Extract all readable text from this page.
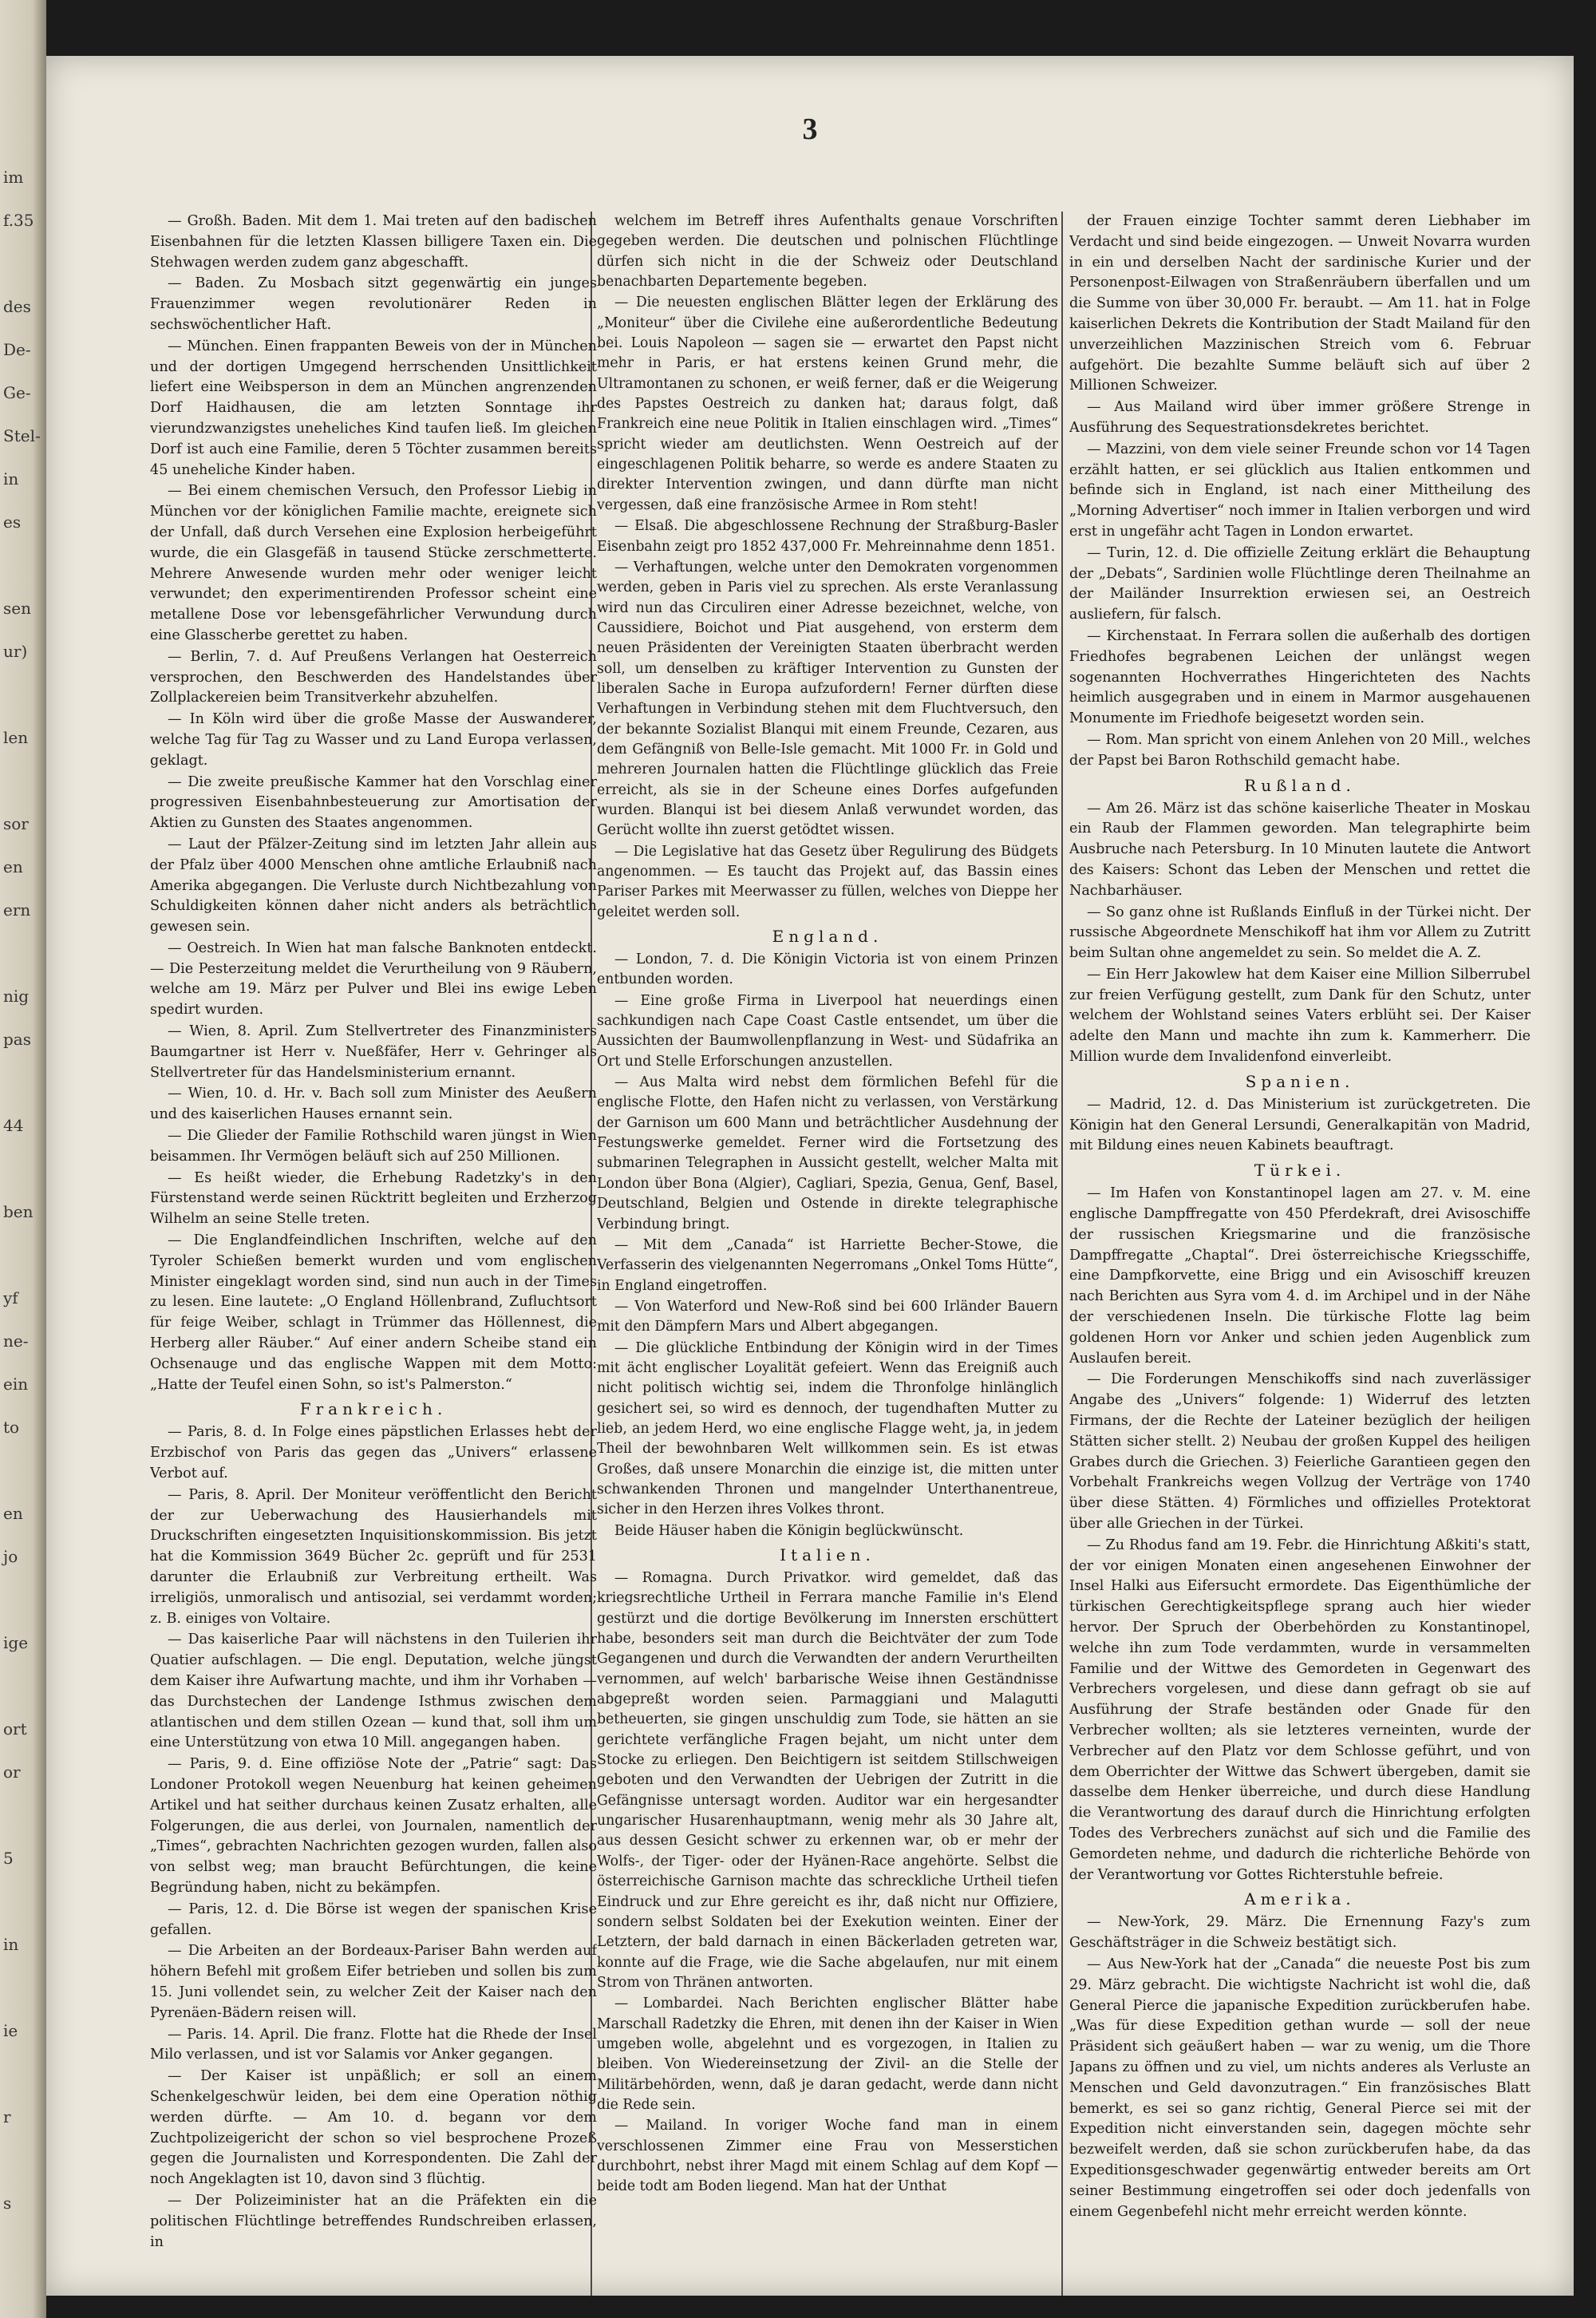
im
f.35
des
De-
Ge-
Stel-
in
es
sen
ur)
len
sor
en
ern
nig
pas
44
ben
yf
ne-
ein
to
en
jo
ige
ort
or
5
in
ie
r
s
3
— Großh. Baden. Mit dem 1. Mai treten auf den badischen Eisenbahnen für die letzten Klassen billigere Taxen ein. Die Stehwagen werden zudem ganz abgeschafft.
— Baden. Zu Mosbach sitzt gegenwärtig ein junges Frauenzimmer wegen revolutionärer Reden in sechswöchentlicher Haft.
— München. Einen frappanten Beweis von der in München und der dortigen Umgegend herrschenden Unsittlichkeit liefert eine Weibsperson in dem an München angrenzenden Dorf Haidhausen, die am letzten Sonntage ihr vierundzwanzigstes uneheliches Kind taufen ließ. Im gleichen Dorf ist auch eine Familie, deren 5 Töchter zusammen bereits 45 uneheliche Kinder haben.
— Bei einem chemischen Versuch, den Professor Liebig in München vor der königlichen Familie machte, ereignete sich der Unfall, daß durch Versehen eine Explosion herbeigeführt wurde, die ein Glasgefäß in tausend Stücke zerschmetterte. Mehrere Anwesende wurden mehr oder weniger leicht verwundet; den experimentirenden Professor scheint eine metallene Dose vor lebensgefährlicher Verwundung durch eine Glasscherbe gerettet zu haben.
— Berlin, 7. d. Auf Preußens Verlangen hat Oesterreich versprochen, den Beschwerden des Handelstandes über Zollplackereien beim Transitverkehr abzuhelfen.
— In Köln wird über die große Masse der Auswanderer, welche Tag für Tag zu Wasser und zu Land Europa verlassen, geklagt.
— Die zweite preußische Kammer hat den Vorschlag einer progressiven Eisenbahnbesteuerung zur Amortisation der Aktien zu Gunsten des Staates angenommen.
— Laut der Pfälzer-Zeitung sind im letzten Jahr allein aus der Pfalz über 4000 Menschen ohne amtliche Erlaubniß nach Amerika abgegangen. Die Verluste durch Nichtbezahlung von Schuldigkeiten können daher nicht anders als beträchtlich gewesen sein.
— Oestreich. In Wien hat man falsche Banknoten entdeckt. — Die Pesterzeitung meldet die Verurtheilung von 9 Räubern, welche am 19. März per Pulver und Blei ins ewige Leben spedirt wurden.
— Wien, 8. April. Zum Stellvertreter des Finanzministers Baumgartner ist Herr v. Nueßfäfer, Herr v. Gehringer als Stellvertreter für das Handelsministerium ernannt.
— Wien, 10. d. Hr. v. Bach soll zum Minister des Aeußern und des kaiserlichen Hauses ernannt sein.
— Die Glieder der Familie Rothschild waren jüngst in Wien beisammen. Ihr Vermögen beläuft sich auf 250 Millionen.
— Es heißt wieder, die Erhebung Radetzky's in den Fürstenstand werde seinen Rücktritt begleiten und Erzherzog Wilhelm an seine Stelle treten.
— Die Englandfeindlichen Inschriften, welche auf den Tyroler Schießen bemerkt wurden und vom englischen Minister eingeklagt worden sind, sind nun auch in der Times zu lesen. Eine lautete: „O England Höllenbrand, Zufluchtsort für feige Weiber, schlagt in Trümmer das Höllennest, die Herberg aller Räuber.“ Auf einer andern Scheibe stand ein Ochsenauge und das englische Wappen mit dem Motto: „Hatte der Teufel einen Sohn, so ist's Palmerston.“
Frankreich.
— Paris, 8. d. In Folge eines päpstlichen Erlasses hebt der Erzbischof von Paris das gegen das „Univers“ erlassene Verbot auf.
— Paris, 8. April. Der Moniteur veröffentlicht den Bericht der zur Ueberwachung des Hausierhandels mit Druckschriften eingesetzten Inquisitionskommission. Bis jetzt hat die Kommission 3649 Bücher 2c. geprüft und für 2531 darunter die Erlaubniß zur Verbreitung ertheilt. Was irreligiös, unmoralisch und antisozial, sei verdammt worden; z. B. einiges von Voltaire.
— Das kaiserliche Paar will nächstens in den Tuilerien ihr Quatier aufschlagen. — Die engl. Deputation, welche jüngst dem Kaiser ihre Aufwartung machte, und ihm ihr Vorhaben — das Durchstechen der Landenge Isthmus zwischen dem atlantischen und dem stillen Ozean — kund that, soll ihm um eine Unterstützung von etwa 10 Mill. angegangen haben.
— Paris, 9. d. Eine offiziöse Note der „Patrie“ sagt: Das Londoner Protokoll wegen Neuenburg hat keinen geheimen Artikel und hat seither durchaus keinen Zusatz erhalten, alle Folgerungen, die aus derlei, von Journalen, namentlich der „Times“, gebrachten Nachrichten gezogen wurden, fallen also von selbst weg; man braucht Befürchtungen, die keine Begründung haben, nicht zu bekämpfen.
— Paris, 12. d. Die Börse ist wegen der spanischen Krise gefallen.
— Die Arbeiten an der Bordeaux-Pariser Bahn werden auf höhern Befehl mit großem Eifer betrieben und sollen bis zum 15. Juni vollendet sein, zu welcher Zeit der Kaiser nach den Pyrenäen-Bädern reisen will.
— Paris. 14. April. Die franz. Flotte hat die Rhede der Insel Milo verlassen, und ist vor Salamis vor Anker gegangen.
— Der Kaiser ist unpäßlich; er soll an einem Schenkelgeschwür leiden, bei dem eine Operation nöthig werden dürfte. — Am 10. d. begann vor dem Zuchtpolizeigericht der schon so viel besprochene Prozeß gegen die Journalisten und Korrespondenten. Die Zahl der noch Angeklagten ist 10, davon sind 3 flüchtig.
— Der Polizeiminister hat an die Präfekten ein die politischen Flüchtlinge betreffendes Rundschreiben erlassen, in
welchem im Betreff ihres Aufenthalts genaue Vorschriften gegeben werden. Die deutschen und polnischen Flüchtlinge dürfen sich nicht in die der Schweiz oder Deutschland benachbarten Departemente begeben.
— Die neuesten englischen Blätter legen der Erklärung des „Moniteur“ über die Civilehe eine außerordentliche Bedeutung bei. Louis Napoleon — sagen sie — erwartet den Papst nicht mehr in Paris, er hat erstens keinen Grund mehr, die Ultramontanen zu schonen, er weiß ferner, daß er die Weigerung des Papstes Oestreich zu danken hat; daraus folgt, daß Frankreich eine neue Politik in Italien einschlagen wird. „Times“ spricht wieder am deutlichsten. Wenn Oestreich auf der eingeschlagenen Politik beharre, so werde es andere Staaten zu direkter Intervention zwingen, und dann dürfte man nicht vergessen, daß eine französische Armee in Rom steht!
— Elsaß. Die abgeschlossene Rechnung der Straßburg-Basler Eisenbahn zeigt pro 1852 437,000 Fr. Mehreinnahme denn 1851.
— Verhaftungen, welche unter den Demokraten vorgenommen werden, geben in Paris viel zu sprechen. Als erste Veranlassung wird nun das Circuliren einer Adresse bezeichnet, welche, von Caussidiere, Boichot und Piat ausgehend, von ersterm dem neuen Präsidenten der Vereinigten Staaten überbracht werden soll, um denselben zu kräftiger Intervention zu Gunsten der liberalen Sache in Europa aufzufordern! Ferner dürften diese Verhaftungen in Verbindung stehen mit dem Fluchtversuch, den der bekannte Sozialist Blanqui mit einem Freunde, Cezaren, aus dem Gefängniß von Belle-Isle gemacht. Mit 1000 Fr. in Gold und mehreren Journalen hatten die Flüchtlinge glücklich das Freie erreicht, als sie in der Scheune eines Dorfes aufgefunden wurden. Blanqui ist bei diesem Anlaß verwundet worden, das Gerücht wollte ihn zuerst getödtet wissen.
— Die Legislative hat das Gesetz über Regulirung des Büdgets angenommen. — Es taucht das Projekt auf, das Bassin eines Pariser Parkes mit Meerwasser zu füllen, welches von Dieppe her geleitet werden soll.
England.
— London, 7. d. Die Königin Victoria ist von einem Prinzen entbunden worden.
— Eine große Firma in Liverpool hat neuerdings einen sachkundigen nach Cape Coast Castle entsendet, um über die Aussichten der Baumwollenpflanzung in West- und Südafrika an Ort und Stelle Erforschungen anzustellen.
— Aus Malta wird nebst dem förmlichen Befehl für die englische Flotte, den Hafen nicht zu verlassen, von Verstärkung der Garnison um 600 Mann und beträchtlicher Ausdehnung der Festungswerke gemeldet. Ferner wird die Fortsetzung des submarinen Telegraphen in Aussicht gestellt, welcher Malta mit London über Bona (Algier), Cagliari, Spezia, Genua, Genf, Basel, Deutschland, Belgien und Ostende in direkte telegraphische Verbindung bringt.
— Mit dem „Canada“ ist Harriette Becher-Stowe, die Verfasserin des vielgenannten Negerromans „Onkel Toms Hütte“, in England eingetroffen.
— Von Waterford und New-Roß sind bei 600 Irländer Bauern mit den Dämpfern Mars und Albert abgegangen.
— Die glückliche Entbindung der Königin wird in der Times mit ächt englischer Loyalität gefeiert. Wenn das Ereigniß auch nicht politisch wichtig sei, indem die Thronfolge hinlänglich gesichert sei, so wird es dennoch, der tugendhaften Mutter zu lieb, an jedem Herd, wo eine englische Flagge weht, ja, in jedem Theil der bewohnbaren Welt willkommen sein. Es ist etwas Großes, daß unsere Monarchin die einzige ist, die mitten unter schwankenden Thronen und mangelnder Unterthanentreue, sicher in den Herzen ihres Volkes thront.
Beide Häuser haben die Königin beglückwünscht.
Italien.
— Romagna. Durch Privatkor. wird gemeldet, daß das kriegsrechtliche Urtheil in Ferrara manche Familie in's Elend gestürzt und die dortige Bevölkerung im Innersten erschüttert habe, besonders seit man durch die Beichtväter der zum Tode Gegangenen und durch die Verwandten der andern Verurtheilten vernommen, auf welch' barbarische Weise ihnen Geständnisse abgepreßt worden seien. Parmaggiani und Malagutti betheuerten, sie gingen unschuldig zum Tode, sie hätten an sie gerichtete verfängliche Fragen bejaht, um nicht unter dem Stocke zu erliegen. Den Beichtigern ist seitdem Stillschweigen geboten und den Verwandten der Uebrigen der Zutritt in die Gefängnisse untersagt worden. Auditor war ein hergesandter ungarischer Husarenhauptmann, wenig mehr als 30 Jahre alt, aus dessen Gesicht schwer zu erkennen war, ob er mehr der Wolfs-, der Tiger- oder der Hyänen-Race angehörte. Selbst die österreichische Garnison machte das schreckliche Urtheil tiefen Eindruck und zur Ehre gereicht es ihr, daß nicht nur Offiziere, sondern selbst Soldaten bei der Exekution weinten. Einer der Letztern, der bald darnach in einen Bäckerladen getreten war, konnte auf die Frage, wie die Sache abgelaufen, nur mit einem Strom von Thränen antworten.
— Lombardei. Nach Berichten englischer Blätter habe Marschall Radetzky die Ehren, mit denen ihn der Kaiser in Wien umgeben wolle, abgelehnt und es vorgezogen, in Italien zu bleiben. Von Wiedereinsetzung der Zivil- an die Stelle der Militärbehörden, wenn, daß je daran gedacht, werde dann nicht die Rede sein.
— Mailand. In voriger Woche fand man in einem verschlossenen Zimmer eine Frau von Messerstichen durchbohrt, nebst ihrer Magd mit einem Schlag auf dem Kopf — beide todt am Boden liegend. Man hat der Unthat
der Frauen einzige Tochter sammt deren Liebhaber im Verdacht und sind beide eingezogen. — Unweit Novarra wurden in ein und derselben Nacht der sardinische Kurier und der Personenpost-Eilwagen von Straßenräubern überfallen und um die Summe von über 30,000 Fr. beraubt. — Am 11. hat in Folge kaiserlichen Dekrets die Kontribution der Stadt Mailand für den unverzeihlichen Mazzinischen Streich vom 6. Februar aufgehört. Die bezahlte Summe beläuft sich auf über 2 Millionen Schweizer.
— Aus Mailand wird über immer größere Strenge in Ausführung des Sequestrationsdekretes berichtet.
— Mazzini, von dem viele seiner Freunde schon vor 14 Tagen erzählt hatten, er sei glücklich aus Italien entkommen und befinde sich in England, ist nach einer Mittheilung des „Morning Advertiser“ noch immer in Italien verborgen und wird erst in ungefähr acht Tagen in London erwartet.
— Turin, 12. d. Die offizielle Zeitung erklärt die Behauptung der „Debats“, Sardinien wolle Flüchtlinge deren Theilnahme an der Mailänder Insurrektion erwiesen sei, an Oestreich ausliefern, für falsch.
— Kirchenstaat. In Ferrara sollen die außerhalb des dortigen Friedhofes begrabenen Leichen der unlängst wegen sogenannten Hochverrathes Hingerichteten des Nachts heimlich ausgegraben und in einem in Marmor ausgehauenen Monumente im Friedhofe beigesetzt worden sein.
— Rom. Man spricht von einem Anlehen von 20 Mill., welches der Papst bei Baron Rothschild gemacht habe.
Rußland.
— Am 26. März ist das schöne kaiserliche Theater in Moskau ein Raub der Flammen geworden. Man telegraphirte beim Ausbruche nach Petersburg. In 10 Minuten lautete die Antwort des Kaisers: Schont das Leben der Menschen und rettet die Nachbarhäuser.
— So ganz ohne ist Rußlands Einfluß in der Türkei nicht. Der russische Abgeordnete Menschikoff hat ihm vor Allem zu Zutritt beim Sultan ohne angemeldet zu sein. So meldet die A. Z.
— Ein Herr Jakowlew hat dem Kaiser eine Million Silberrubel zur freien Verfügung gestellt, zum Dank für den Schutz, unter welchem der Wohlstand seines Vaters erblüht sei. Der Kaiser adelte den Mann und machte ihn zum k. Kammerherr. Die Million wurde dem Invalidenfond einverleibt.
Spanien.
— Madrid, 12. d. Das Ministerium ist zurückgetreten. Die Königin hat den General Lersundi, Generalkapitän von Madrid, mit Bildung eines neuen Kabinets beauftragt.
Türkei.
— Im Hafen von Konstantinopel lagen am 27. v. M. eine englische Dampffregatte von 450 Pferdekraft, drei Avisoschiffe der russischen Kriegsmarine und die französische Dampffregatte „Chaptal“. Drei österreichische Kriegsschiffe, eine Dampfkorvette, eine Brigg und ein Avisoschiff kreuzen nach Berichten aus Syra vom 4. d. im Archipel und in der Nähe der verschiedenen Inseln. Die türkische Flotte lag beim goldenen Horn vor Anker und schien jeden Augenblick zum Auslaufen bereit.
— Die Forderungen Menschikoffs sind nach zuverlässiger Angabe des „Univers“ folgende: 1) Widerruf des letzten Firmans, der die Rechte der Lateiner bezüglich der heiligen Stätten sicher stellt. 2) Neubau der großen Kuppel des heiligen Grabes durch die Griechen. 3) Feierliche Garantieen gegen den Vorbehalt Frankreichs wegen Vollzug der Verträge von 1740 über diese Stätten. 4) Förmliches und offizielles Protektorat über alle Griechen in der Türkei.
— Zu Rhodus fand am 19. Febr. die Hinrichtung Aßkiti's statt, der vor einigen Monaten einen angesehenen Einwohner der Insel Halki aus Eifersucht ermordete. Das Eigenthümliche der türkischen Gerechtigkeitspflege sprang auch hier wieder hervor. Der Spruch der Oberbehörden zu Konstantinopel, welche ihn zum Tode verdammten, wurde in versammelten Familie und der Wittwe des Gemordeten in Gegenwart des Verbrechers vorgelesen, und diese dann gefragt ob sie auf Ausführung der Strafe beständen oder Gnade für den Verbrecher wollten; als sie letzteres verneinten, wurde der Verbrecher auf den Platz vor dem Schlosse geführt, und von dem Oberrichter der Wittwe das Schwert übergeben, damit sie dasselbe dem Henker überreiche, und durch diese Handlung die Verantwortung des darauf durch die Hinrichtung erfolgten Todes des Verbrechers zunächst auf sich und die Familie des Gemordeten nehme, und dadurch die richterliche Behörde von der Verantwortung vor Gottes Richterstuhle befreie.
Amerika.
— New-York, 29. März. Die Ernennung Fazy's zum Geschäftsträger in die Schweiz bestätigt sich.
— Aus New-York hat der „Canada“ die neueste Post bis zum 29. März gebracht. Die wichtigste Nachricht ist wohl die, daß General Pierce die japanische Expedition zurückberufen habe. „Was für diese Expedition gethan wurde — soll der neue Präsident sich geäußert haben — war zu wenig, um die Thore Japans zu öffnen und zu viel, um nichts anderes als Verluste an Menschen und Geld davonzutragen.“ Ein französisches Blatt bemerkt, es sei so ganz richtig, General Pierce sei mit der Expedition nicht einverstanden sein, dagegen möchte sehr bezweifelt werden, daß sie schon zurückberufen habe, da das Expeditionsgeschwader gegenwärtig entweder bereits am Ort seiner Bestimmung eingetroffen sei oder doch jedenfalls von einem Gegenbefehl nicht mehr erreicht werden könnte.
